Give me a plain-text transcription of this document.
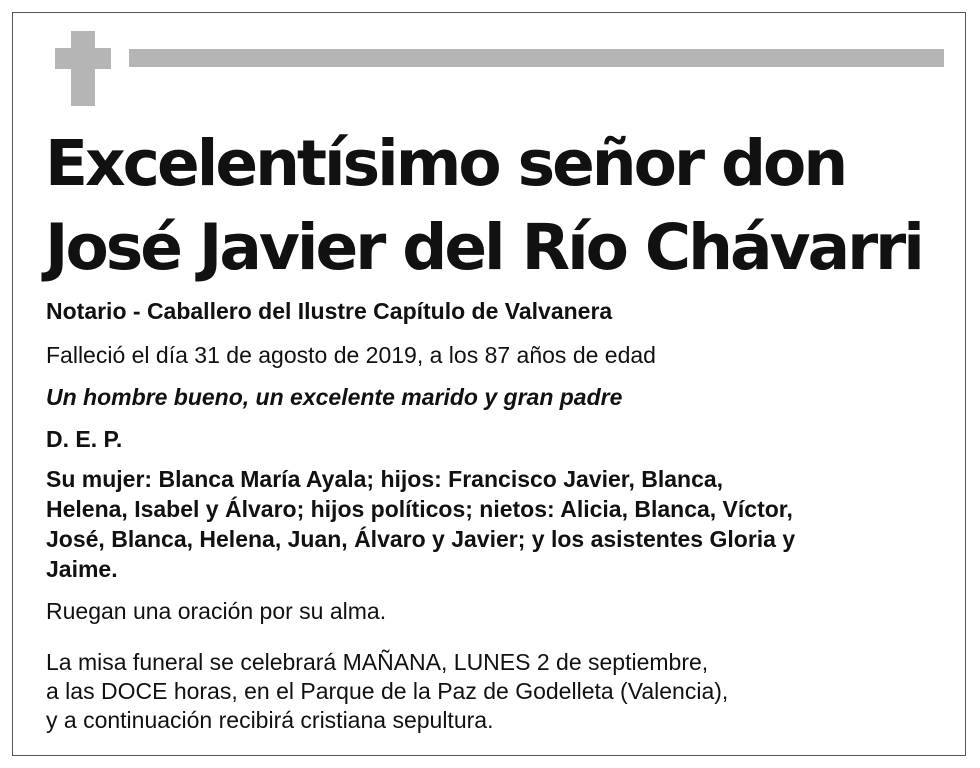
Excelentísimo señor don
José Javier del Río Chávarri

Notario - Caballero del Ilustre Capítulo de Valvanera

Falleció el día 31 de agosto de 2019, a los 87 años de edad

Un hombre bueno, un excelente marido y gran padre

D. E. P.

Su mujer: Blanca María Ayala; hijos: Francisco Javier, Blanca,
Helena, Isabel y Álvaro; hijos políticos; nietos: Alicia, Blanca, Víctor,
José, Blanca, Helena, Juan, Álvaro y Javier; y los asistentes Gloria y
Jaime.

Ruegan una oración por su alma.

La misa funeral se celebrará MAÑANA, LUNES 2 de septiembre,
a las DOCE horas, en el Parque de la Paz de Godelleta (Valencia),
y a continuación recibirá cristiana sepultura.
